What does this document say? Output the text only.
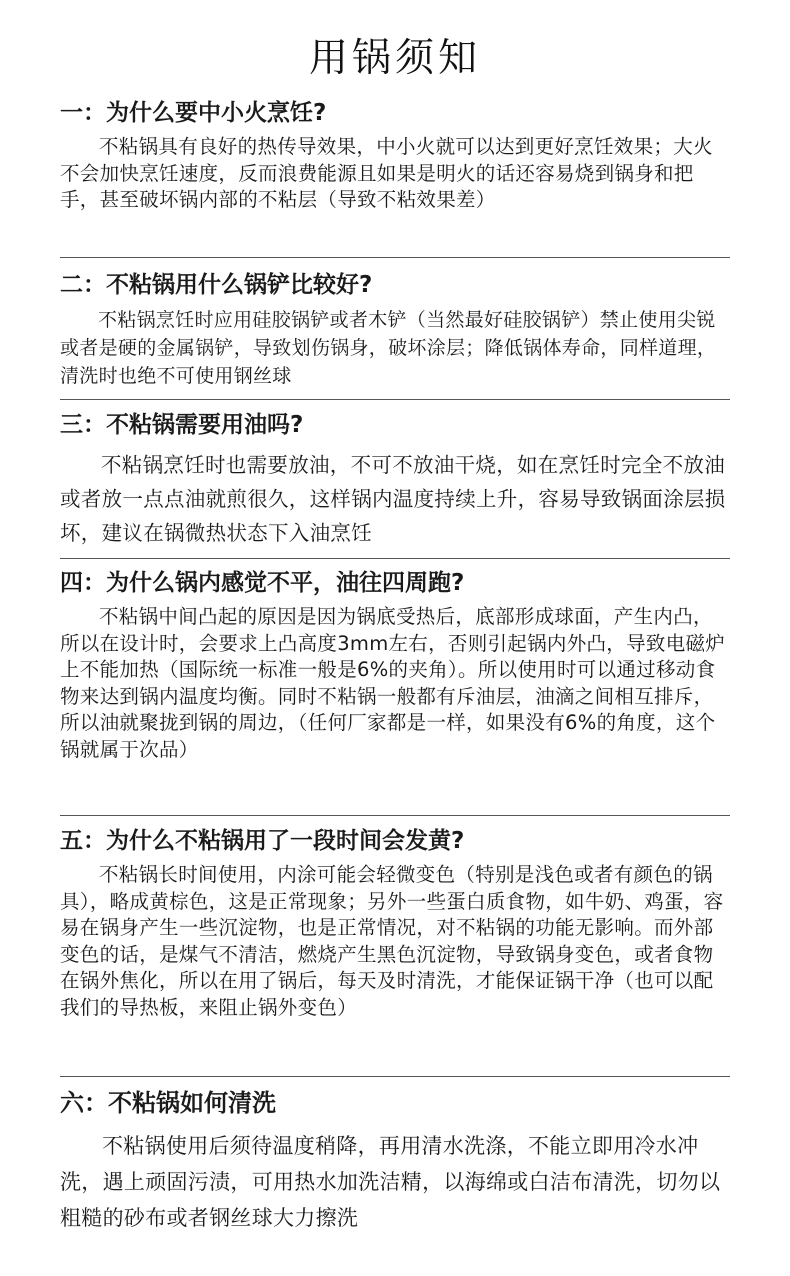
用锅须知
一：为什么要中小火烹饪?

不粘锅具有良好的热传导效果，中小火就可以达到更好烹饪效果；大火不会加快烹饪速度，反而浪费能源且如果是明火的话还容易烧到锅身和把手，甚至破坏锅内部的不粘层（导致不粘效果差）

二：不粘锅用什么锅铲比较好?

不粘锅烹饪时应用硅胶锅铲或者木铲（当然最好硅胶锅铲）禁止使用尖锐或者是硬的金属锅铲，导致划伤锅身，破坏涂层；降低锅体寿命，同样道理，清洗时也绝不可使用钢丝球

三：不粘锅需要用油吗?

不粘锅烹饪时也需要放油，不可不放油干烧，如在烹饪时完全不放油或者放一点点油就煎很久，这样锅内温度持续上升，容易导致锅面涂层损坏，建议在锅微热状态下入油烹饪

四：为什么锅内感觉不平，油往四周跑?

不粘锅中间凸起的原因是因为锅底受热后，底部形成球面，产生内凸，所以在设计时，会要求上凸高度3mm左右，否则引起锅内外凸，导致电磁炉上不能加热（国际统一标准一般是6%的夹角）。所以使用时可以通过移动食物来达到锅内温度均衡。同时不粘锅一般都有斥油层，油滴之间相互排斥，所以油就聚拢到锅的周边，（任何厂家都是一样，如果没有6%的角度，这个锅就属于次品）

五：为什么不粘锅用了一段时间会发黄?

不粘锅长时间使用，内涂可能会轻微变色（特别是浅色或者有颜色的锅具），略成黄棕色，这是正常现象；另外一些蛋白质食物，如牛奶、鸡蛋，容易在锅身产生一些沉淀物，也是正常情况，对不粘锅的功能无影响。而外部变色的话，是煤气不清洁，燃烧产生黑色沉淀物，导致锅身变色，或者食物在锅外焦化，所以在用了锅后，每天及时清洗，才能保证锅干净（也可以配我们的导热板，来阻止锅外变色）

六：不粘锅如何清洗

不粘锅使用后须待温度稍降，再用清水洗涤，不能立即用冷水冲洗，遇上顽固污渍，可用热水加洗洁精，以海绵或白洁布清洗，切勿以粗糙的砂布或者钢丝球大力擦洗
